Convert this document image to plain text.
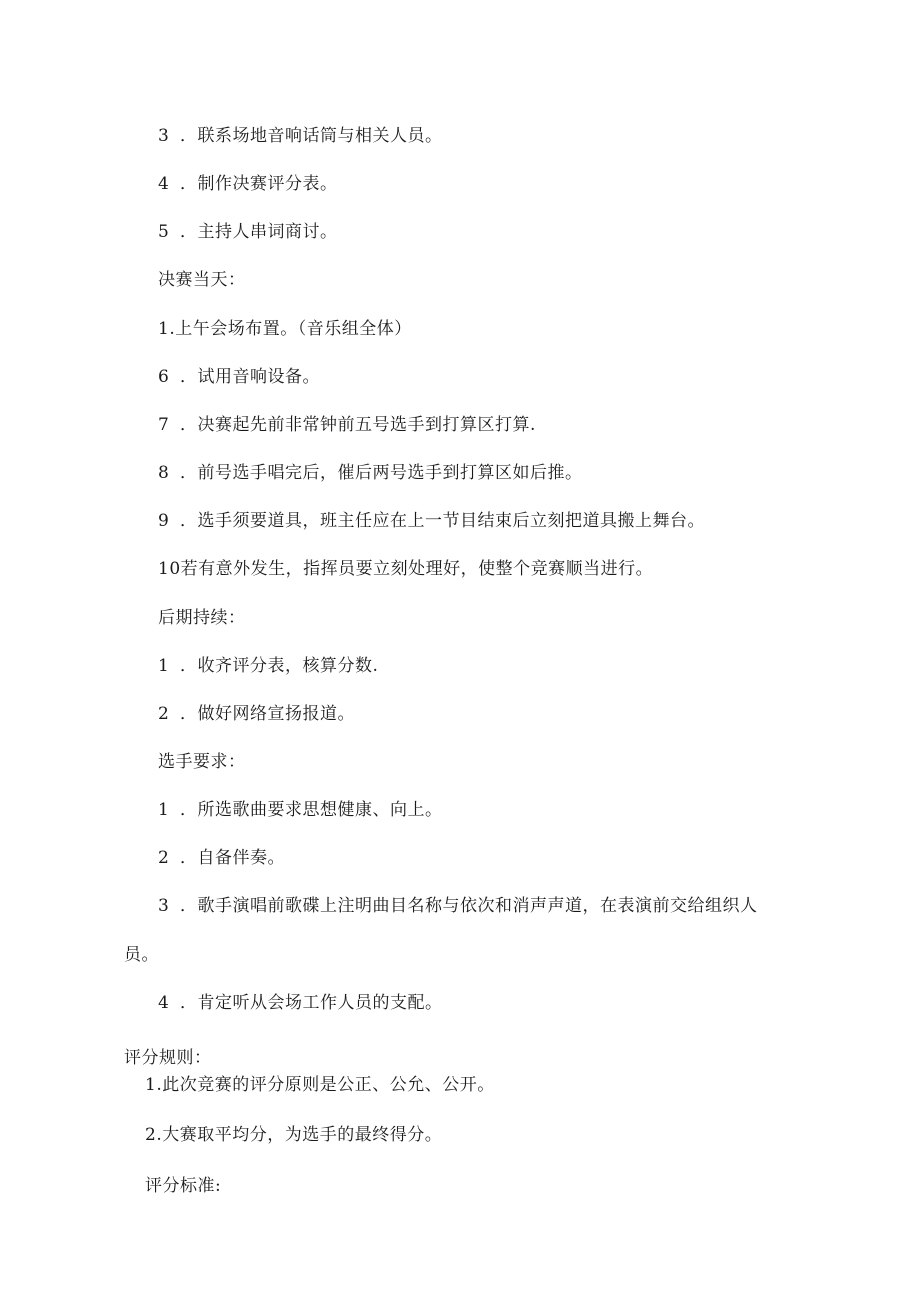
3 ．联系场地音响话筒与相关人员。
4 ．制作决赛评分表。
5 ．主持人串词商讨。
决赛当天：
1.上午会场布置。（音乐组全体）
6 ．试用音响设备。
7 ．决赛起先前非常钟前五号选手到打算区打算.
8 ．前号选手唱完后，催后两号选手到打算区如后推。
9 ．选手须要道具，班主任应在上一节目结束后立刻把道具搬上舞台。
10若有意外发生，指挥员要立刻处理好，使整个竞赛顺当进行。
后期持续：
1 ．收齐评分表，核算分数.
2 ．做好网络宣扬报道。
选手要求：
1 ．所选歌曲要求思想健康、向上。
2 ．自备伴奏。
3 ．歌手演唱前歌碟上注明曲目名称与依次和消声声道，在表演前交给组织人
员。
4 ．肯定听从会场工作人员的支配。
评分规则：
1.此次竞赛的评分原则是公正、公允、公开。
2.大赛取平均分，为选手的最终得分。
评分标准:
